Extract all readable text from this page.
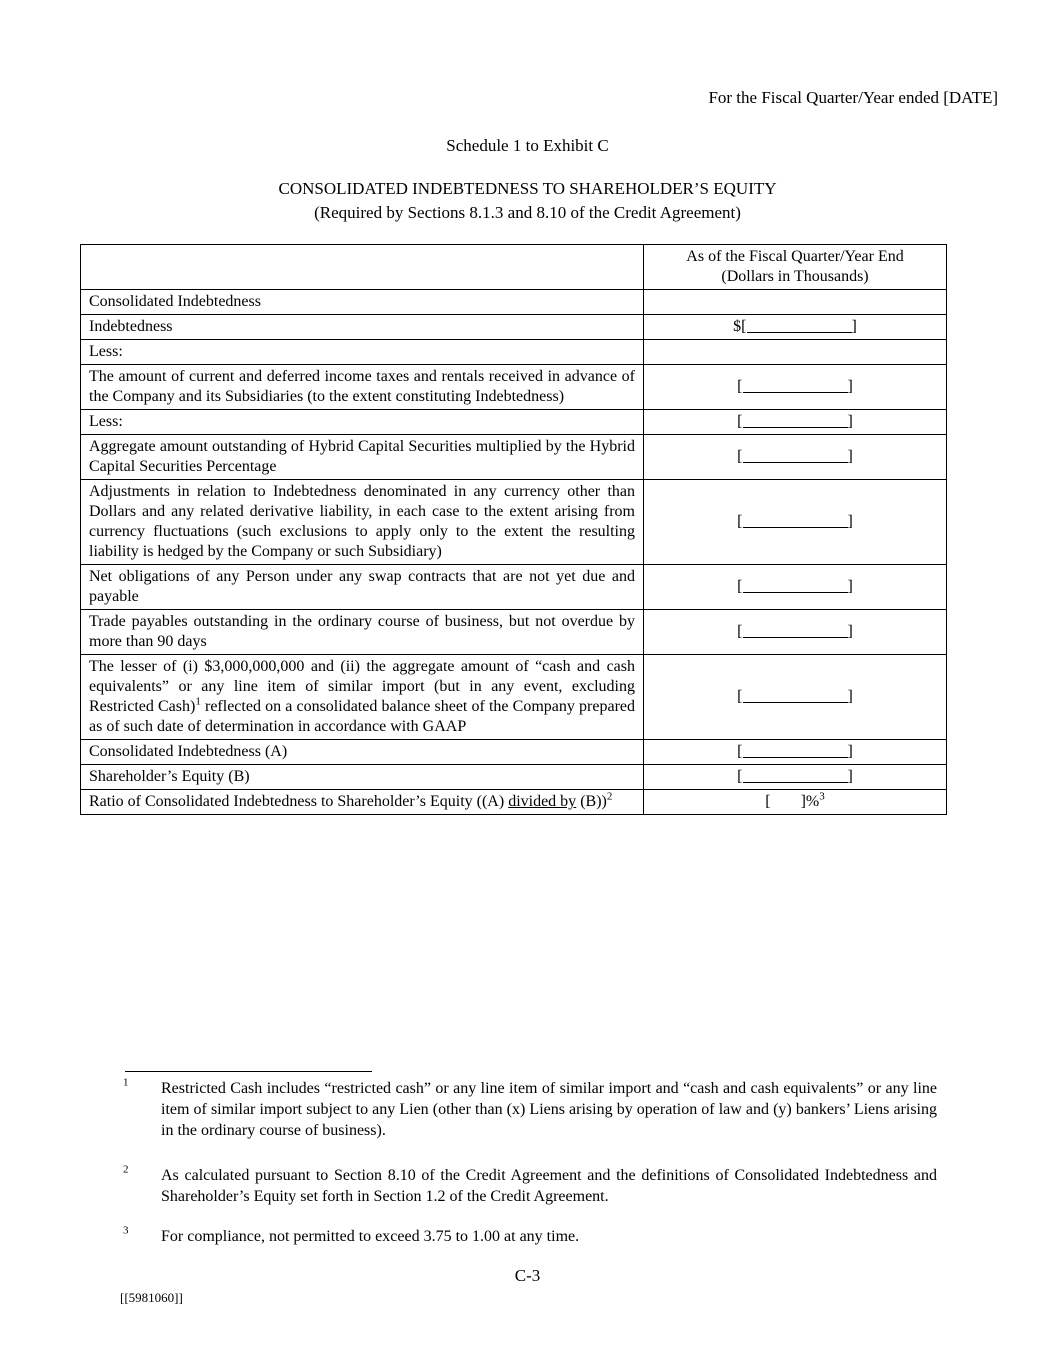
For the Fiscal Quarter/Year ended [DATE]
Schedule 1 to Exhibit C
CONSOLIDATED INDEBTEDNESS TO SHAREHOLDER’S EQUITY
(Required by Sections 8.1.3 and 8.10 of the Credit Agreement)

	As of the Fiscal Quarter/Year End
(Dollars in Thousands)

Consolidated Indebtedness	
Indebtedness	$[ ]
Less:	
The amount of current and deferred income taxes and rentals received in advance of the Company and its Subsidiaries (to the extent constituting Indebtedness)	[ ]
Less:	[ ]
Aggregate amount outstanding of Hybrid Capital Securities multiplied by the Hybrid Capital Securities Percentage	[ ]
Adjustments in relation to Indebtedness denominated in any currency other than Dollars and any related derivative liability, in each case to the extent arising from currency fluctuations (such exclusions to apply only to the extent the resulting liability is hedged by the Company or such Subsidiary)	[ ]
Net obligations of any Person under any swap contracts that are not yet due and payable	[ ]
Trade payables outstanding in the ordinary course of business, but not overdue by more than 90 days	[ ]
The lesser of (i) $3,000,000,000 and (ii) the aggregate amount of “cash and cash equivalents” or any line item of similar import (but in any event, excluding Restricted Cash)$^1$ reflected on a consolidated balance sheet of the Company prepared as of such date of determination in accordance with GAAP	[ ]
Consolidated Indebtedness (A)	[ ]
Shareholder’s Equity (B)	[ ]
Ratio of Consolidated Indebtedness to Shareholder’s Equity ((A) divided by (B))$^2$	[ ]%$^3$
$^1$	Restricted Cash includes “restricted cash” or any line item of similar import and “cash and cash equivalents” or any line item of similar import subject to any Lien (other than (x) Liens arising by operation of law and (y) bankers’ Liens arising in the ordinary course of business).
$^2$	As calculated pursuant to Section 8.10 of the Credit Agreement and the definitions of Consolidated Indebtedness and Shareholder’s Equity set forth in Section 1.2 of the Credit Agreement.
$^3$	For compliance, not permitted to exceed 3.75 to 1.00 at any time.
C-3
[[5981060]]
